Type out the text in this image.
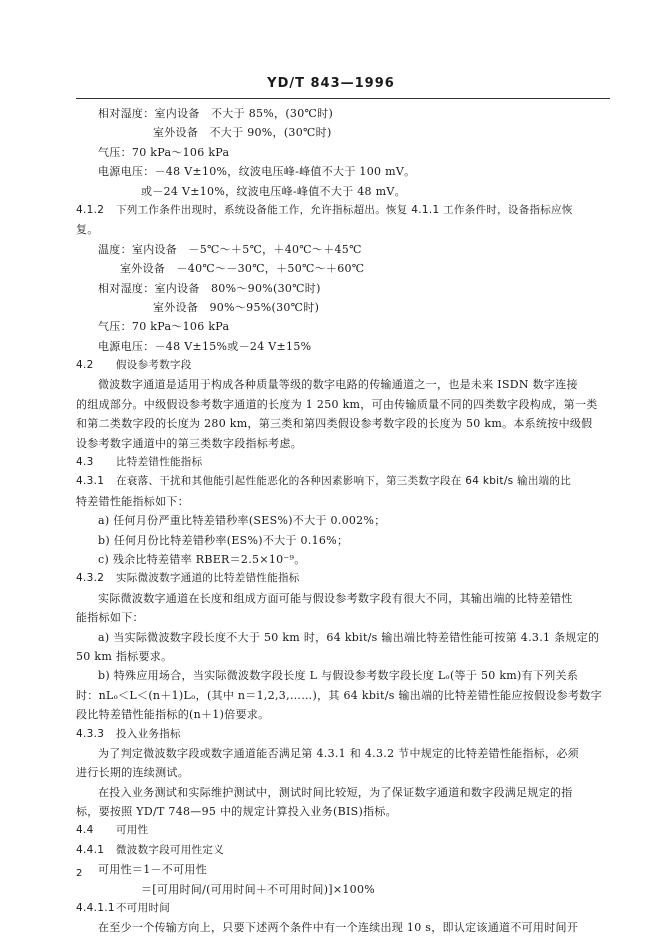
YD/T 843—1996
相对湿度：室内设备　不大于 85%，(30℃时)
室外设备　不大于 90%，(30℃时)
气压：70 kPa～106 kPa
电源电压：－48 V±10%，纹波电压峰-峰值不大于 100 mV。
或－24 V±10%，纹波电压峰-峰值不大于 48 mV。
4.1.2 下列工作条件出现时，系统设备能工作，允许指标超出。恢复 4.1.1 工作条件时，设备指标应恢
复。
温度：室内设备　－5℃～＋5℃，＋40℃～＋45℃
室外设备　－40℃～－30℃，＋50℃～＋60℃
相对湿度：室内设备　80%～90%(30℃时)
室外设备　90%～95%(30℃时)
气压：70 kPa～106 kPa
电源电压：－48 V±15%或－24 V±15%
4.2 假设参考数字段
微波数字通道是适用于构成各种质量等级的数字电路的传输通道之一，也是未来 ISDN 数字连接
的组成部分。中级假设参考数字通道的长度为 1 250 km，可由传输质量不同的四类数字段构成，第一类
和第二类数字段的长度为 280 km，第三类和第四类假设参考数字段的长度为 50 km。本系统按中级假
设参考数字通道中的第三类数字段指标考虑。
4.3 比特差错性能指标
4.3.1 在衰落、干扰和其他能引起性能恶化的各种因素影响下，第三类数字段在 64 kbit/s 输出端的比
特差错性能指标如下：
a) 任何月份严重比特差错秒率(SES%)不大于 0.002%；
b) 任何月份比特差错秒率(ES%)不大于 0.16%；
c) 残余比特差错率 RBER＝2.5×10⁻⁹。
4.3.2 实际微波数字通道的比特差错性能指标
实际微波数字通道在长度和组成方面可能与假设参考数字段有很大不同，其输出端的比特差错性
能指标如下：
a) 当实际微波数字段长度不大于 50 km 时，64 kbit/s 输出端比特差错性能可按第 4.3.1 条规定的
50 km 指标要求。
b) 特殊应用场合，当实际微波数字段长度 L 与假设参考数字段长度 Lₒ(等于 50 km)有下列关系
时：nLₒ＜L＜(n＋1)Lₒ，(其中 n＝1,2,3,……)，其 64 kbit/s 输出端的比特差错性能应按假设参考数字
段比特差错性能指标的(n＋1)倍要求。
4.3.3 投入业务指标
为了判定微波数字段或数字通道能否满足第 4.3.1 和 4.3.2 节中规定的比特差错性能指标，必须
进行长期的连续测试。
在投入业务测试和实际维护测试中，测试时间比较短，为了保证数字通道和数字段满足规定的指
标，要按照 YD/T 748—95 中的规定计算投入业务(BIS)指标。
4.4 可用性
4.4.1 微波数字段可用性定义
可用性＝1－不可用性
＝[可用时间/(可用时间＋不可用时间)]×100%
4.4.1.1不可用时间
在至少一个传输方向上，只要下述两个条件中有一个连续出现 10 s，即认定该通道不可用时间开
2
